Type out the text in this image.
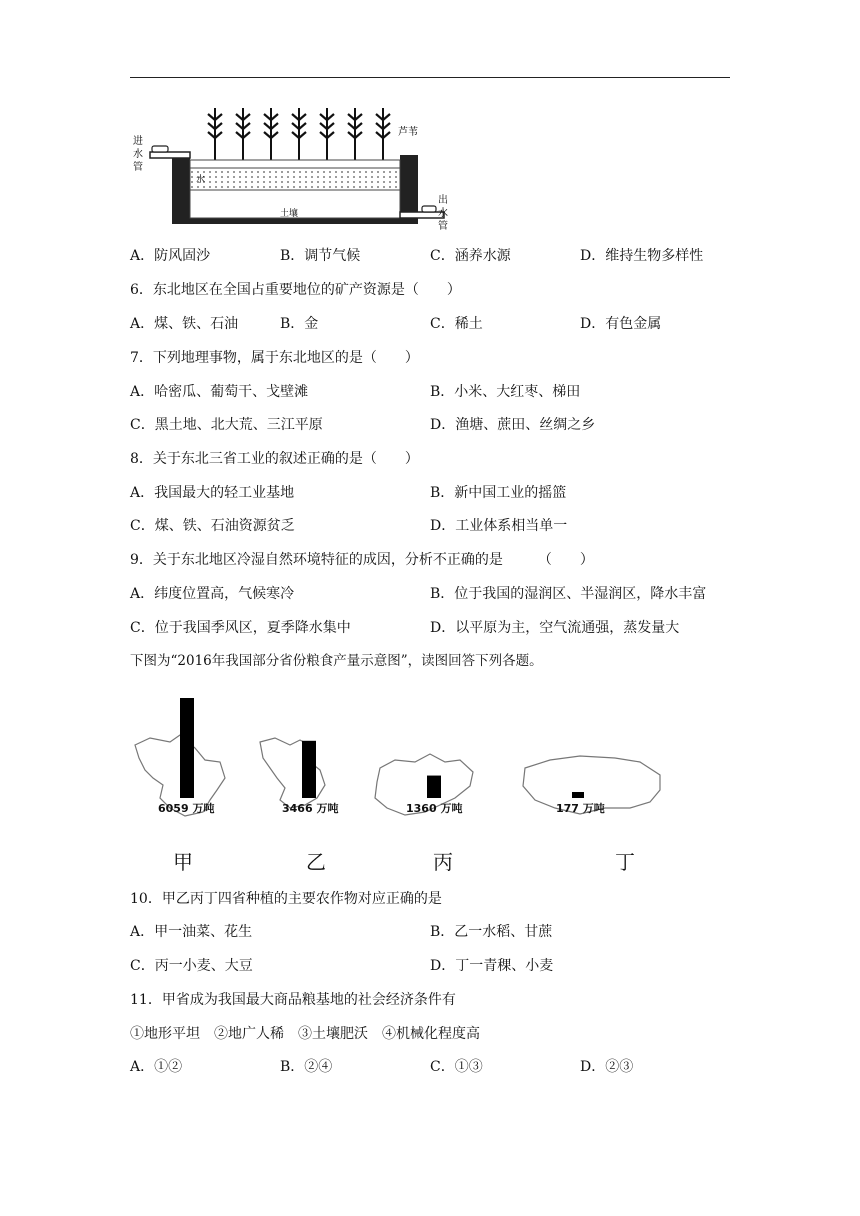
芦苇
水
土壤
进
水
管
出
水
管
A．防风固沙	B．调节气候	C．涵养水源	D．维持生物多样性
6．东北地区在全国占重要地位的矿产资源是（　　）
A．煤、铁、石油	B．金	C．稀土	D．有色金属
7．下列地理事物，属于东北地区的是（　　）
A．哈密瓜、葡萄干、戈壁滩	B．小米、大红枣、梯田
C．黑土地、北大荒、三江平原	D．渔塘、蔗田、丝绸之乡
8．关于东北三省工业的叙述正确的是（　　）
A．我国最大的轻工业基地	B．新中国工业的摇篮
C．煤、铁、石油资源贫乏	D．工业体系相当单一
9．关于东北地区冷湿自然环境特征的成因，分析不正确的是　　　（　　）
A．纬度位置高，气候寒冷	B．位于我国的湿润区、半湿润区，降水丰富
C．位于我国季风区，夏季降水集中	D．以平原为主，空气流通强，蒸发量大
下图为“2016年我国部分省份粮食产量示意图”，读图回答下列各题。
6059 万吨	3466 万吨	1360 万吨	177 万吨
甲	乙	丙	丁
10．甲乙丙丁四省种植的主要农作物对应正确的是
A．甲一油菜、花生	B．乙一水稻、甘蔗
C．丙一小麦、大豆	D．丁一青稞、小麦
11．甲省成为我国最大商品粮基地的社会经济条件有
①地形平坦　②地广人稀　③土壤肥沃　④机械化程度高
A．①②	B．②④	C．①③	D．②③
